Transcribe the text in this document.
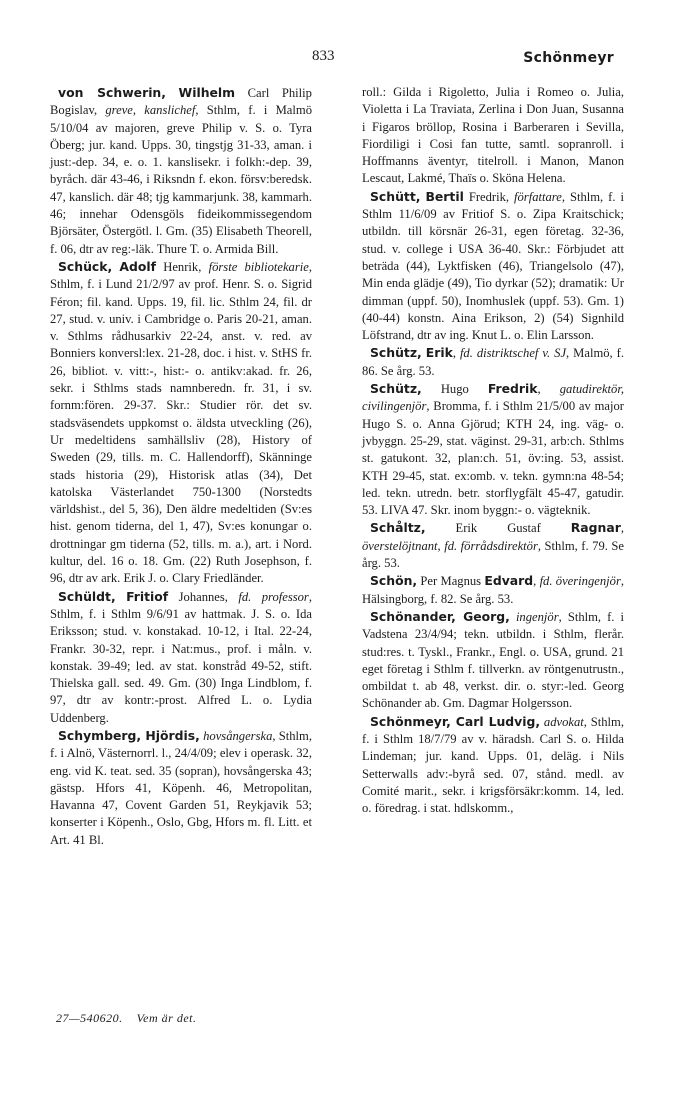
833	Schönmeyr

von Schwerin, Wilhelm Carl Philip Bogislav, greve, kanslichef, Sthlm, f. i Malmö 5/10/04 av majoren, greve Philip v. S. o. Tyra Öberg; jur. kand. Upps. 30, tingstjg 31-33, aman. i just:-dep. 34, e. o. 1. kanslisekr. i folkh:-dep. 39, byråch. där 43-46, i Riksndn f. ekon. försv:beredsk. 47, kanslich. där 48; tjg kammarjunk. 38, kammarh. 46; innehar Odensgöls fideikommissegendom Björsäter, Östergötl. l. Gm. (35) Elisabeth Theorell, f. 06, dtr av reg:-läk. Thure T. o. Armida Bill.

Schück, Adolf Henrik, förste bibliotekarie, Sthlm, f. i Lund 21/2/97 av prof. Henr. S. o. Sigrid Féron; fil. kand. Upps. 19, fil. lic. Sthlm 24, fil. dr 27, stud. v. univ. i Cambridge o. Paris 20-21, aman. v. Sthlms rådhusarkiv 22-24, anst. v. red. av Bonniers konversl:lex. 21-28, doc. i hist. v. StHS fr. 26, bibliot. v. vitt:-, hist:- o. antikv:akad. fr. 26, sekr. i Sthlms stads namnberedn. fr. 31, i sv. fornm:fören. 29-37. Skr.: Studier rör. det sv. stadsväsendets uppkomst o. äldsta utveckling (26), Ur medeltidens samhällsliv (28), History of Sweden (29, tills. m. C. Hallendorff), Skänninge stads historia (29), Historisk atlas (34), Det katolska Västerlandet 750-1300 (Norstedts världshist., del 5, 36), Den äldre medeltiden (Sv:es hist. genom tiderna, del 1, 47), Sv:es konungar o. drottningar gm tiderna (52, tills. m. a.), art. i Nord. kultur, del. 16 o. 18. Gm. (22) Ruth Josephson, f. 96, dtr av ark. Erik J. o. Clary Friedländer.

Schüldt, Fritiof Johannes, fd. professor, Sthlm, f. i Sthlm 9/6/91 av hattmak. J. S. o. Ida Eriksson; stud. v. konstakad. 10-12, i Ital. 22-24, Frankr. 30-32, repr. i Nat:mus., prof. i måln. v. konstak. 39-49; led. av stat. konstråd 49-52, stift. Thielska gall. sed. 49. Gm. (30) Inga Lindblom, f. 97, dtr av kontr:-prost. Alfred L. o. Lydia Uddenberg.

Schymberg, Hjördis, hovsångerska, Sthlm, f. i Alnö, Västernorrl. l., 24/4/09; elev i operask. 32, eng. vid K. teat. sed. 35 (sopran), hovsångerska 43; gästsp. Hfors 41, Köpenh. 46, Metropolitan, Havanna 47, Covent Garden 51, Reykjavik 53; konserter i Köpenh., Oslo, Gbg, Hfors m. fl. Litt. et Art. 41 Bl.

roll.: Gilda i Rigoletto, Julia i Romeo o. Julia, Violetta i La Traviata, Zerlina i Don Juan, Susanna i Figaros bröllop, Rosina i Barberaren i Sevilla, Fiordiligi i Cosi fan tutte, samtl. sopranroll. i Hoffmanns äventyr, titelroll. i Manon, Manon Lescaut, Lakmé, Thaïs o. Sköna Helena.

Schütt, Bertil Fredrik, författare, Sthlm, f. i Sthlm 11/6/09 av Fritiof S. o. Zipa Kraitschick; utbildn. till körsnär 26-31, egen företag. 32-36, stud. v. college i USA 36-40. Skr.: Förbjudet att beträda (44), Lyktfisken (46), Triangelsolo (47), Min enda glädje (49), Tio dyrkar (52); dramatik: Ur dimman (uppf. 50), Inomhuslek (uppf. 53). Gm. 1) (40-44) konstn. Aina Erikson, 2) (54) Signhild Löfstrand, dtr av ing. Knut L. o. Elin Larsson.

Schütz, Erik, fd. distriktschef v. SJ, Malmö, f. 86. Se årg. 53.

Schütz, Hugo Fredrik, gatudirektör, civilingenjör, Bromma, f. i Sthlm 21/5/00 av major Hugo S. o. Anna Gjörud; KTH 24, ing. väg- o. jvbyggn. 25-29, stat. väginst. 29-31, arb:ch. Sthlms st. gatukont. 32, plan:ch. 51, öv:ing. 53, assist. KTH 29-45, stat. ex:omb. v. tekn. gymn:na 48-54; led. tekn. utredn. betr. storflygfält 45-47, gatudir. 53. LIVA 47. Skr. inom byggn:- o. vägteknik.

Schåltz, Erik Gustaf Ragnar, överstelöjtnant, fd. förrådsdirektör, Sthlm, f. 79. Se årg. 53.

Schön, Per Magnus Edvard, fd. överingenjör, Hälsingborg, f. 82. Se årg. 53.

Schönander, Georg, ingenjör, Sthlm, f. i Vadstena 23/4/94; tekn. utbildn. i Sthlm, flerår. stud:res. t. Tyskl., Frankr., Engl. o. USA, grund. 21 eget företag i Sthlm f. tillverkn. av röntgenutrustn., ombildat t. ab 48, verkst. dir. o. styr:-led. Georg Schönander ab. Gm. Dagmar Holgersson.

Schönmeyr, Carl Ludvig, advokat, Sthlm, f. i Sthlm 18/7/79 av v. häradsh. Carl S. o. Hilda Lindeman; jur. kand. Upps. 01, deläg. i Nils Setterwalls adv:-byrå sed. 07, stånd. medl. av Comité marit., sekr. i krigsförsäkr:komm. 14, led. o. föredrag. i stat. hdlskomm.,

27—540620. Vem är det.
